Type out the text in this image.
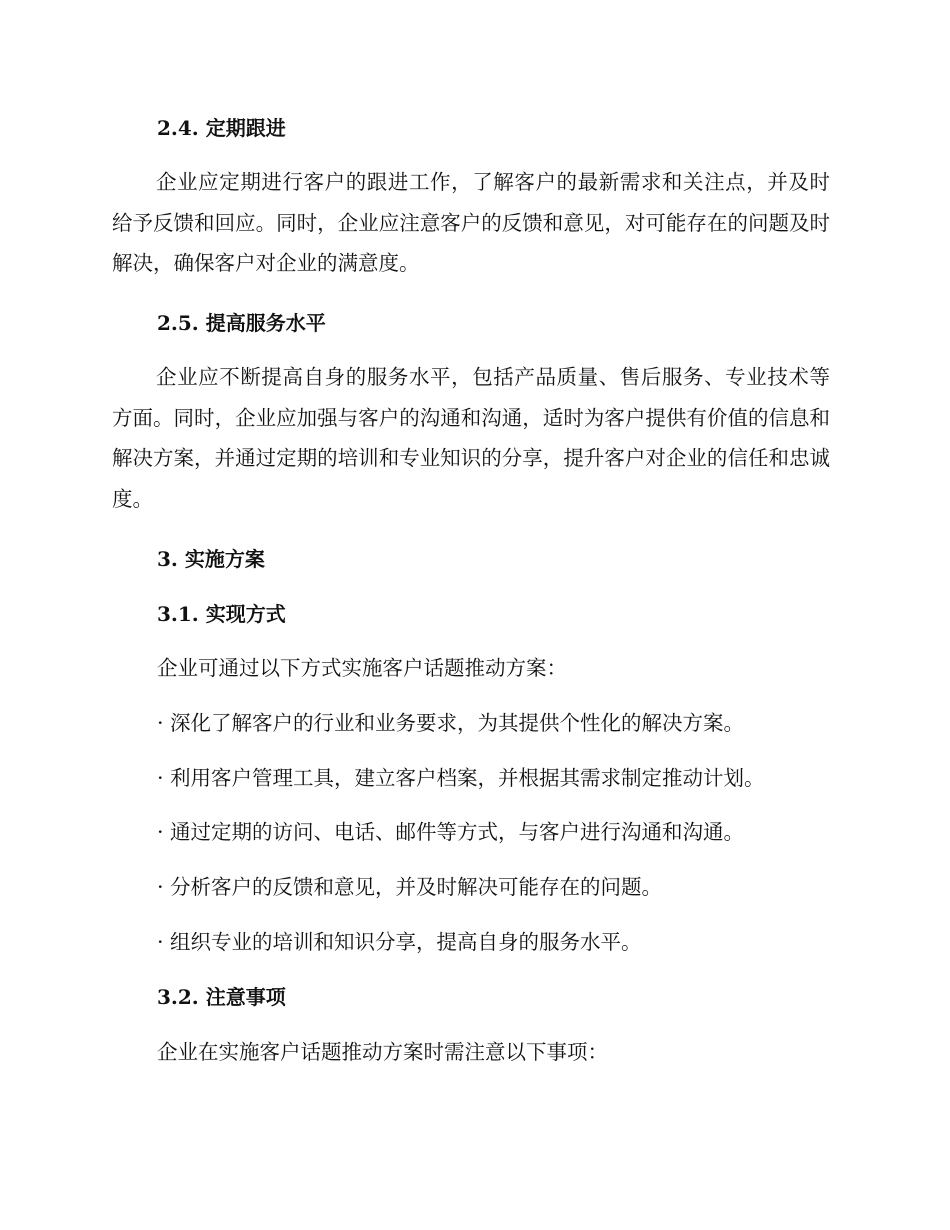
2.4. 定期跟进

企业应定期进行客户的跟进工作，了解客户的最新需求和关注点，并及时给予反馈和回应。同时，企业应注意客户的反馈和意见，对可能存在的问题及时解决，确保客户对企业的满意度。

2.5. 提高服务水平

企业应不断提高自身的服务水平，包括产品质量、售后服务、专业技术等方面。同时，企业应加强与客户的沟通和沟通，适时为客户提供有价值的信息和解决方案，并通过定期的培训和专业知识的分享，提升客户对企业的信任和忠诚度。

3. 实施方案
3.1. 实现方式
企业可通过以下方式实施客户话题推动方案：
· 深化了解客户的行业和业务要求，为其提供个性化的解决方案。
· 利用客户管理工具，建立客户档案，并根据其需求制定推动计划。
· 通过定期的访问、电话、邮件等方式，与客户进行沟通和沟通。
· 分析客户的反馈和意见，并及时解决可能存在的问题。
· 组织专业的培训和知识分享，提高自身的服务水平。
3.2. 注意事项
企业在实施客户话题推动方案时需注意以下事项：
